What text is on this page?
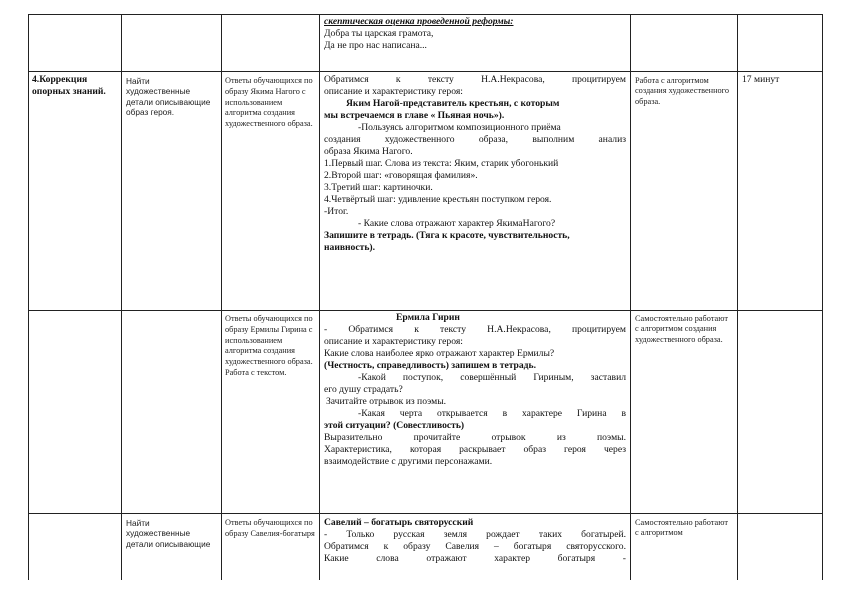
скептическая оценка проведенной реформы:

Добра ты царская грамота,

Да не про нас написана...

4.Коррекция опорных знаний.

Найти художественные детали описывающие образ героя.

Ответы обучающихся по образу Якима Нагого с использованием алгоритма создания художественного образа.

Обратимся к тексту Н.А.Некрасова, процитируем

описание и характеристику героя:

Яким Нагой-представитель крестьян, с которым

мы встречаемся в главе « Пьяная ночь»).

-Пользуясь алгоритмом композиционного приёма

создания художественного образа, выполним анализ

образа Якима Нагого.

1.Первый шаг. Слова из текста: Яким, старик убогонький

2.Второй шаг: «говорящая фамилия».

3.Третий шаг: картиночки.

4.Четвёртый шаг: удивление крестьян поступком героя.

-Итог.

- Какие слова отражают характер ЯкимаНагого?

Запишите в тетрадь. (Тяга к красоте, чувствительность,

наивность).

Работа с алгоритмом создания художественного образа.

17 минут

Ответы обучающихся по образу Ермилы Гирина с использованием алгоритма создания художественного образа. Работа с текстом.

Ермила Гирин

- Обратимся к тексту Н.А.Некрасова, процитируем

описание и характеристику героя:

Какие слова наиболее ярко отражают характер Ермилы?

(Честность, справедливость) запишем в тетрадь.

-Какой поступок, совершённый Гириным, заставил

его душу страдать?

Зачитайте отрывок из поэмы.

-Какая черта открывается в характере Гирина в

этой ситуации? (Совестливость)

Выразительно прочитайте отрывок из поэмы.

Характеристика, которая раскрывает образ героя через

взаимодействие с другими персонажами.

Самостоятельно работают с алгоритмом создания художественного образа.

Найти художественные детали описывающие

Ответы обучающихся по образу Савелия-богатыря

Савелий – богатырь святорусский

- Только русская земля рождает таких богатырей.

Обратимся к образу Савелия – богатыря святорусского.

Какие слова отражают характер богатыря -

Самостоятельно работают с алгоритмом
